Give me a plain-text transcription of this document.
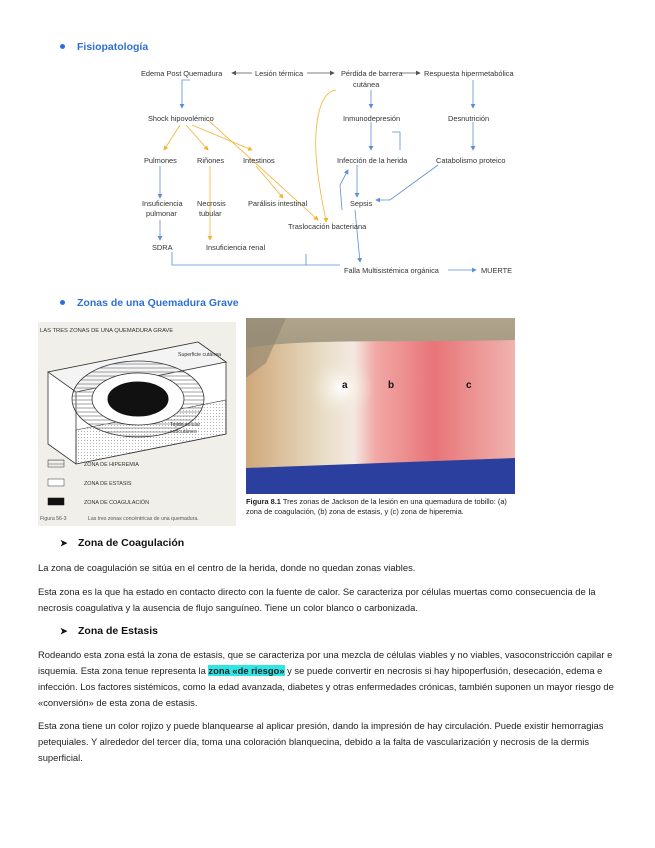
Fisiopatología
Edema Post Quemadura	Lesión térmica	Pérdida de barrera
cutánea
Respuesta hipermetabólica
Shock hipovolémico	Inmunodepresión	Desnutrición
Pulmones	Riñones	Intestinos	Infección de la herida	Catabolismo proteico
Insuficiencia
pulmonar
Necrosis
tubular
Parálisis intestinal	Sepsis
Traslocación bacteriana
SDRA	Insuficiencia renal
Falla Multisistémica orgánica	MUERTE
Zonas de una Quemadura Grave
LAS TRES ZONAS DE UNA QUEMADURA GRAVE
Superficie cutánea
Tejido celular
subcutáneo
ZONA DE HIPEREMIA
ZONA DE ESTASIS
ZONA DE COAGULACIÓN
Figura 56-3	Las tres zonas concéntricas de una quemadura.
a	b	c
Figura 8.1 Tres zonas de Jackson de la lesión en una quemadura de tobillo: (a) zona de coagulación, (b) zona de estasis, y (c) zona de hiperemia.
➤ Zona de Coagulación
La zona de coagulación se sitúa en el centro de la herida, donde no quedan zonas viables.
Esta zona es la que ha estado en contacto directo con la fuente de calor. Se caracteriza por células muertas como consecuencia de la necrosis coagulativa y la ausencia de flujo sanguíneo. Tiene un color blanco o carbonizada.
➤ Zona de Estasis
Rodeando esta zona está la zona de estasis, que se caracteriza por una mezcla de células viables y no viables, vasoconstricción capilar e isquemia. Esta zona tenue representa la zona «de riesgo» y se puede convertir en necrosis si hay hipoperfusión, desecación, edema e infección. Los factores sistémicos, como la edad avanzada, diabetes y otras enfermedades crónicas, también suponen un mayor riesgo de «conversión» de esta zona de estasis.
Esta zona tiene un color rojizo y puede blanquearse al aplicar presión, dando la impresión de hay circulación. Puede existir hemorragias petequiales. Y alrededor del tercer día, toma una coloración blanquecina, debido a la falta de vascularización y necrosis de la dermis superficial.
